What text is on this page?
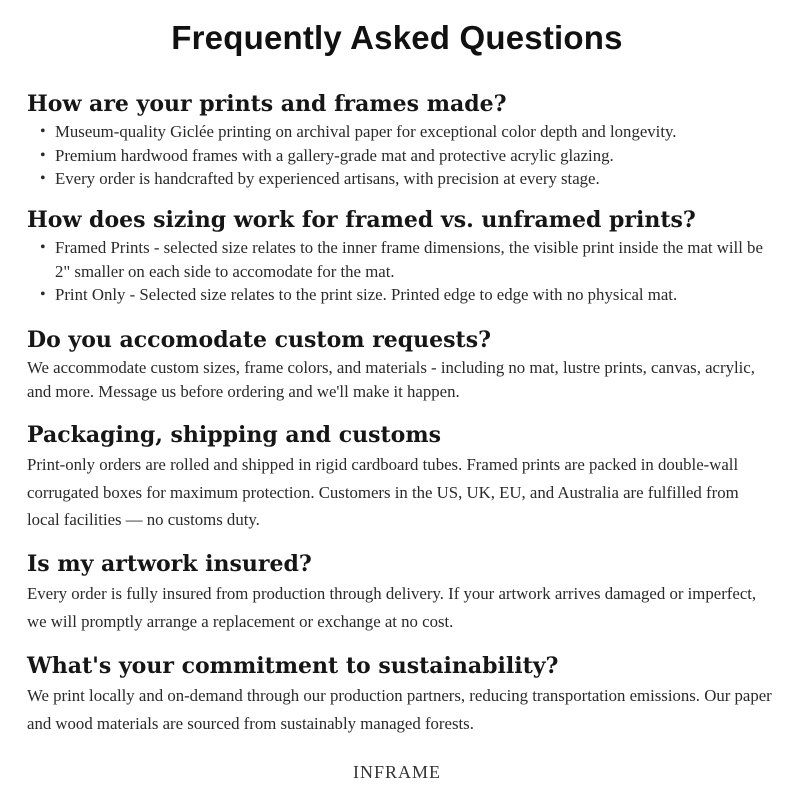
Frequently Asked Questions
How are your prints and frames made?
• Museum-quality Giclée printing on archival paper for exceptional color depth and longevity.
• Premium hardwood frames with a gallery-grade mat and protective acrylic glazing.
• Every order is handcrafted by experienced artisans, with precision at every stage.
How does sizing work for framed vs. unframed prints?
• Framed Prints - selected size relates to the inner frame dimensions, the visible print inside the mat will be 2" smaller on each side to accomodate for the mat.
• Print Only - Selected size relates to the print size. Printed edge to edge with no physical mat.
Do you accomodate custom requests?
We accommodate custom sizes, frame colors, and materials - including no mat, lustre prints, canvas, acrylic, and more. Message us before ordering and we'll make it happen.
Packaging, shipping and customs
Print-only orders are rolled and shipped in rigid cardboard tubes. Framed prints are packed in double-wall corrugated boxes for maximum protection. Customers in the US, UK, EU, and Australia are fulfilled from local facilities — no customs duty.
Is my artwork insured?
Every order is fully insured from production through delivery. If your artwork arrives damaged or imperfect, we will promptly arrange a replacement or exchange at no cost.
What's your commitment to sustainability?
We print locally and on-demand through our production partners, reducing transportation emissions. Our paper and wood materials are sourced from sustainably managed forests.
INFRAME
